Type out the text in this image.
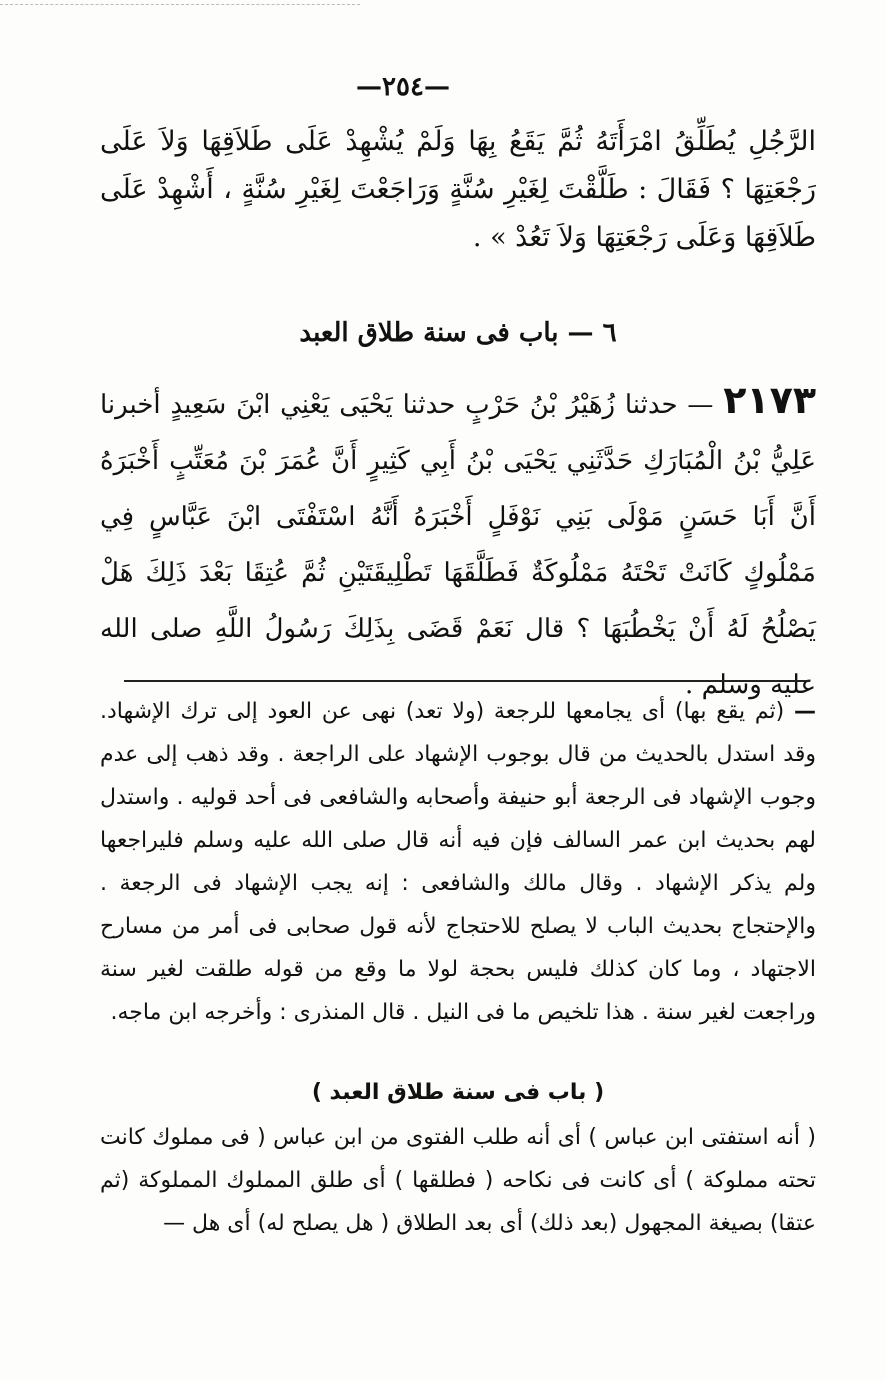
—٢٥٤—
الرَّجُلِ يُطَلِّقُ امْرَأَتَهُ ثُمَّ يَقَعُ بِهَا وَلَمْ يُشْهِدْ عَلَى طَلاَقِهَا وَلاَ عَلَى رَجْعَتِهَا ؟ فَقَالَ : طَلَّقْتَ لِغَيْرِ سُنَّةٍ وَرَاجَعْتَ لِغَيْرِ سُنَّةٍ ، أَشْهِدْ عَلَى طَلاَقِهَا وَعَلَى رَجْعَتِهَا وَلاَ تَعُدْ » .
٦ — باب فى سنة طلاق العبد
٢١٧٣ — حدثنا زُهَيْرُ بْنُ حَرْبٍ حدثنا يَحْيَى يَعْنِي ابْنَ سَعِيدٍ أخبرنا عَلِيُّ بْنُ الْمُبَارَكِ حَدَّثَنِي يَحْيَى بْنُ أَبِي كَثِيرٍ أَنَّ عُمَرَ بْنَ مُعَتِّبٍ أَخْبَرَهُ أَنَّ أَبَا حَسَنٍ مَوْلَى بَنِي نَوْفَلٍ أَخْبَرَهُ أَنَّهُ اسْتَفْتَى ابْنَ عَبَّاسٍ فِي مَمْلُوكٍ كَانَتْ تَحْتَهُ مَمْلُوكَةٌ فَطَلَّقَهَا تَطْلِيقَتَيْنِ ثُمَّ عُتِقَا بَعْدَ ذَلِكَ هَلْ يَصْلُحُ لَهُ أَنْ يَخْطُبَهَا ؟ قال نَعَمْ قَضَى بِذَلِكَ رَسُولُ اللَّهِ صلى الله عليه وسلم .
— (ثم يقع بها) أى يجامعها للرجعة (ولا تعد) نهى عن العود إلى ترك الإشهاد. وقد استدل بالحديث من قال بوجوب الإشهاد على الراجعة . وقد ذهب إلى عدم وجوب الإشهاد فى الرجعة أبو حنيفة وأصحابه والشافعى فى أحد قوليه . واستدل لهم بحديث ابن عمر السالف فإن فيه أنه قال صلى الله عليه وسلم فليراجعها ولم يذكر الإشهاد . وقال مالك والشافعى : إنه يجب الإشهاد فى الرجعة . والإحتجاج بحديث الباب لا يصلح للاحتجاج لأنه قول صحابى فى أمر من مسارح الاجتهاد ، وما كان كذلك فليس بحجة لولا ما وقع من قوله طلقت لغير سنة وراجعت لغير سنة . هذا تلخيص ما فى النيل . قال المنذرى : وأخرجه ابن ماجه.
( باب فى سنة طلاق العبد )
( أنه استفتى ابن عباس ) أى أنه طلب الفتوى من ابن عباس ( فى مملوك كانت تحته مملوكة ) أى كانت فى نكاحه ( فطلقها ) أى طلق المملوك المملوكة (ثم عتقا) بصيغة المجهول (بعد ذلك) أى بعد الطلاق ( هل يصلح له) أى هل —
